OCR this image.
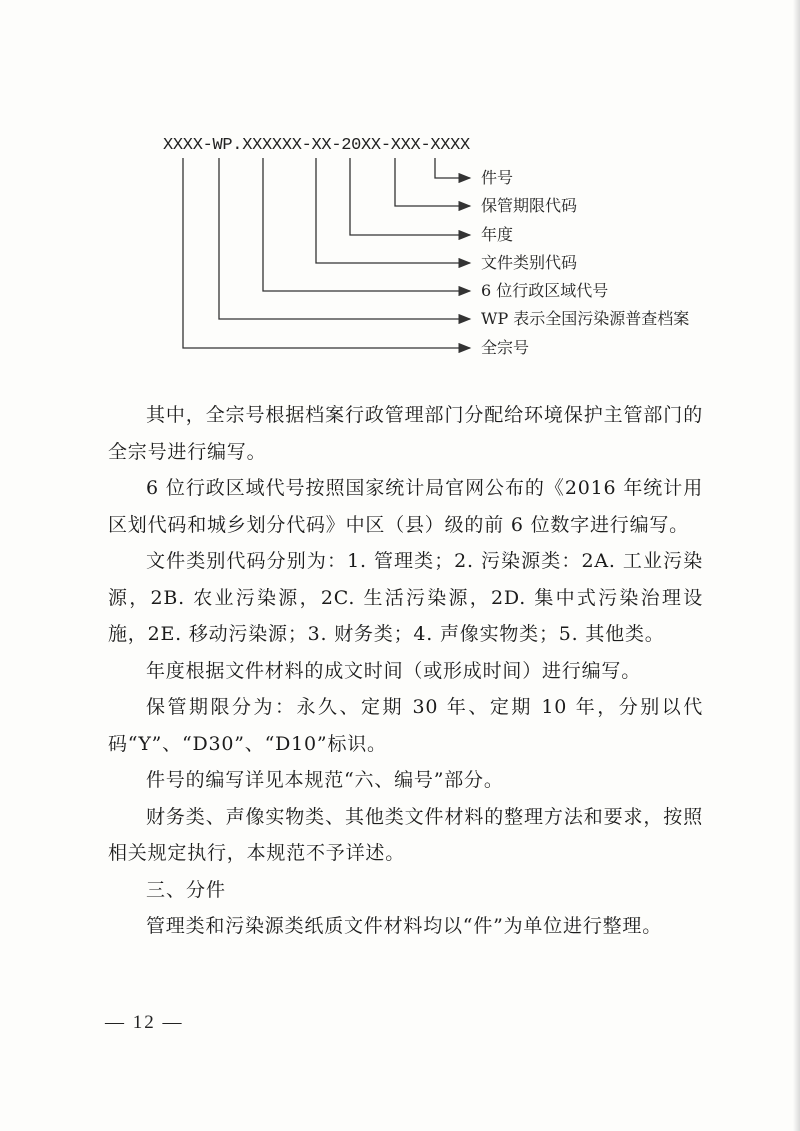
XXXX-WP.XXXXXX-XX-20XX-XXX-XXXX
件号
保管期限代码
年度
文件类别代码
6 位行政区域代号
WP 表示全国污染源普查档案
全宗号

其中，全宗号根据档案行政管理部门分配给环境保护主管部门的全宗号进行编写。

6 位行政区域代号按照国家统计局官网公布的《2016 年统计用区划代码和城乡划分代码》中区（县）级的前 6 位数字进行编写。

文件类别代码分别为：1. 管理类；2. 污染源类：2A. 工业污染源，2B. 农业污染源，2C. 生活污染源，2D. 集中式污染治理设施，2E. 移动污染源；3. 财务类；4. 声像实物类；5. 其他类。

年度根据文件材料的成文时间（或形成时间）进行编写。

保管期限分为：永久、定期 30 年、定期 10 年，分别以代码“Y”、“D30”、“D10”标识。

件号的编写详见本规范“六、编号”部分。

财务类、声像实物类、其他类文件材料的整理方法和要求，按照相关规定执行，本规范不予详述。

三、分件

管理类和污染源类纸质文件材料均以“件”为单位进行整理。

— 12 —
